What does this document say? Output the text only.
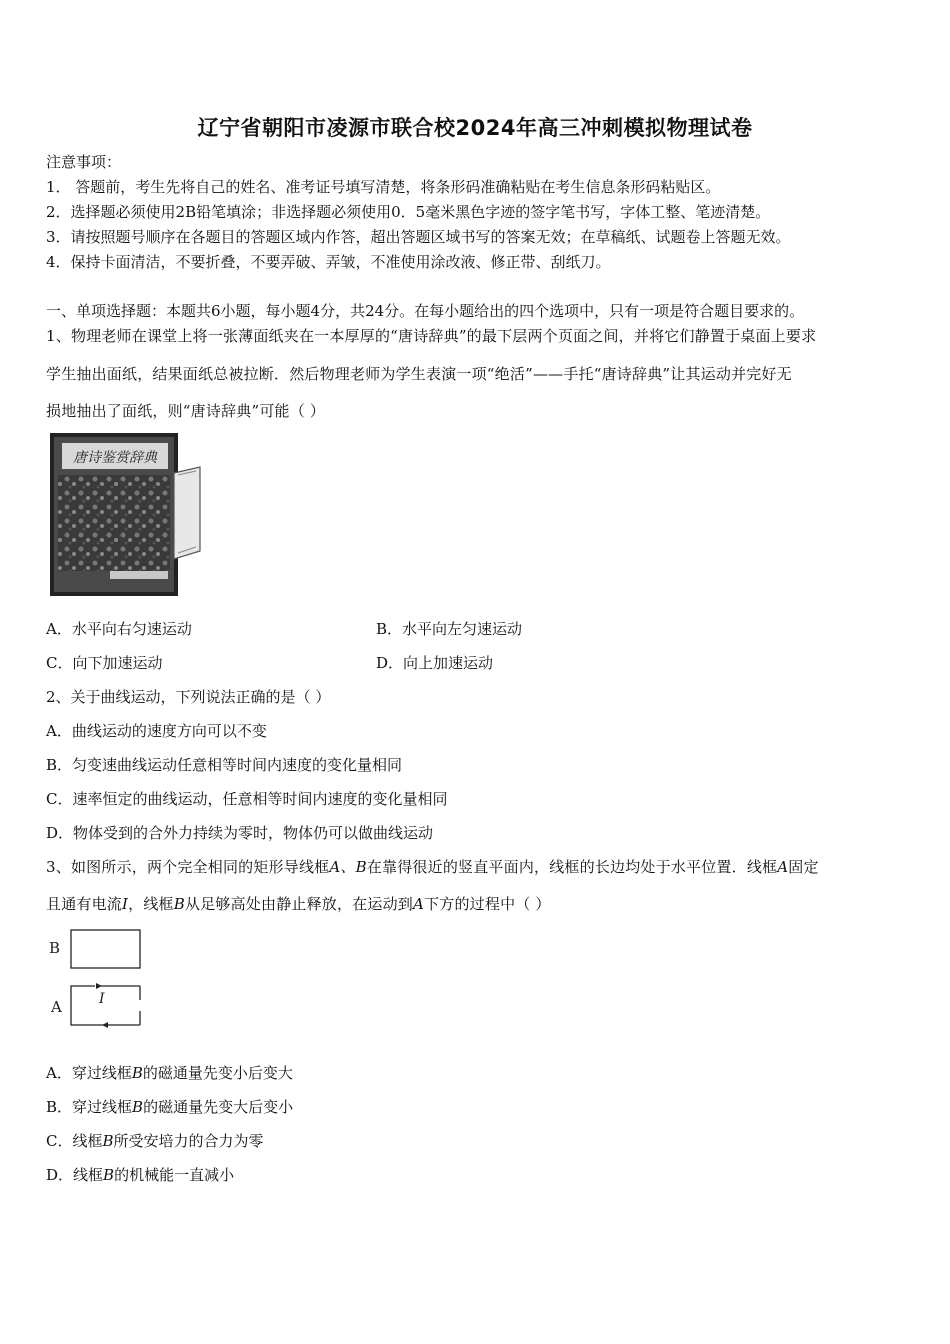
辽宁省朝阳市凌源市联合校2024年高三冲刺模拟物理试卷
注意事项：
1． 答题前，考生先将自己的姓名、准考证号填写清楚，将条形码准确粘贴在考生信息条形码粘贴区。
2．选择题必须使用2B铅笔填涂；非选择题必须使用0．5毫米黑色字迹的签字笔书写，字体工整、笔迹清楚。
3．请按照题号顺序在各题目的答题区域内作答，超出答题区域书写的答案无效；在草稿纸、试题卷上答题无效。
4．保持卡面清洁，不要折叠，不要弄破、弄皱，不准使用涂改液、修正带、刮纸刀。
一、单项选择题：本题共6小题，每小题4分，共24分。在每小题给出的四个选项中，只有一项是符合题目要求的。
1、物理老师在课堂上将一张薄面纸夹在一本厚厚的“唐诗辞典”的最下层两个页面之间，并将它们静置于桌面上要求
学生抽出面纸，结果面纸总被拉断．然后物理老师为学生表演一项“绝活”——手托“唐诗辞典”让其运动并完好无
损地抽出了面纸，则“唐诗辞典”可能（ ）
唐诗鉴赏辞典
A．水平向右匀速运动	B．水平向左匀速运动
C．向下加速运动	D．向上加速运动
2、关于曲线运动，下列说法正确的是（ ）
A．曲线运动的速度方向可以不变
B．匀变速曲线运动任意相等时间内速度的变化量相同
C．速率恒定的曲线运动，任意相等时间内速度的变化量相同
D．物体受到的合外力持续为零时，物体仍可以做曲线运动
3、如图所示，两个完全相同的矩形导线框A、B在靠得很近的竖直平面内，线框的长边均处于水平位置．线框A固定
且通有电流I，线框B从足够高处由静止释放，在运动到A下方的过程中（ ）
B
A	I
A．穿过线框B的磁通量先变小后变大
B．穿过线框B的磁通量先变大后变小
C．线框B所受安培力的合力为零
D．线框B的机械能一直减小
